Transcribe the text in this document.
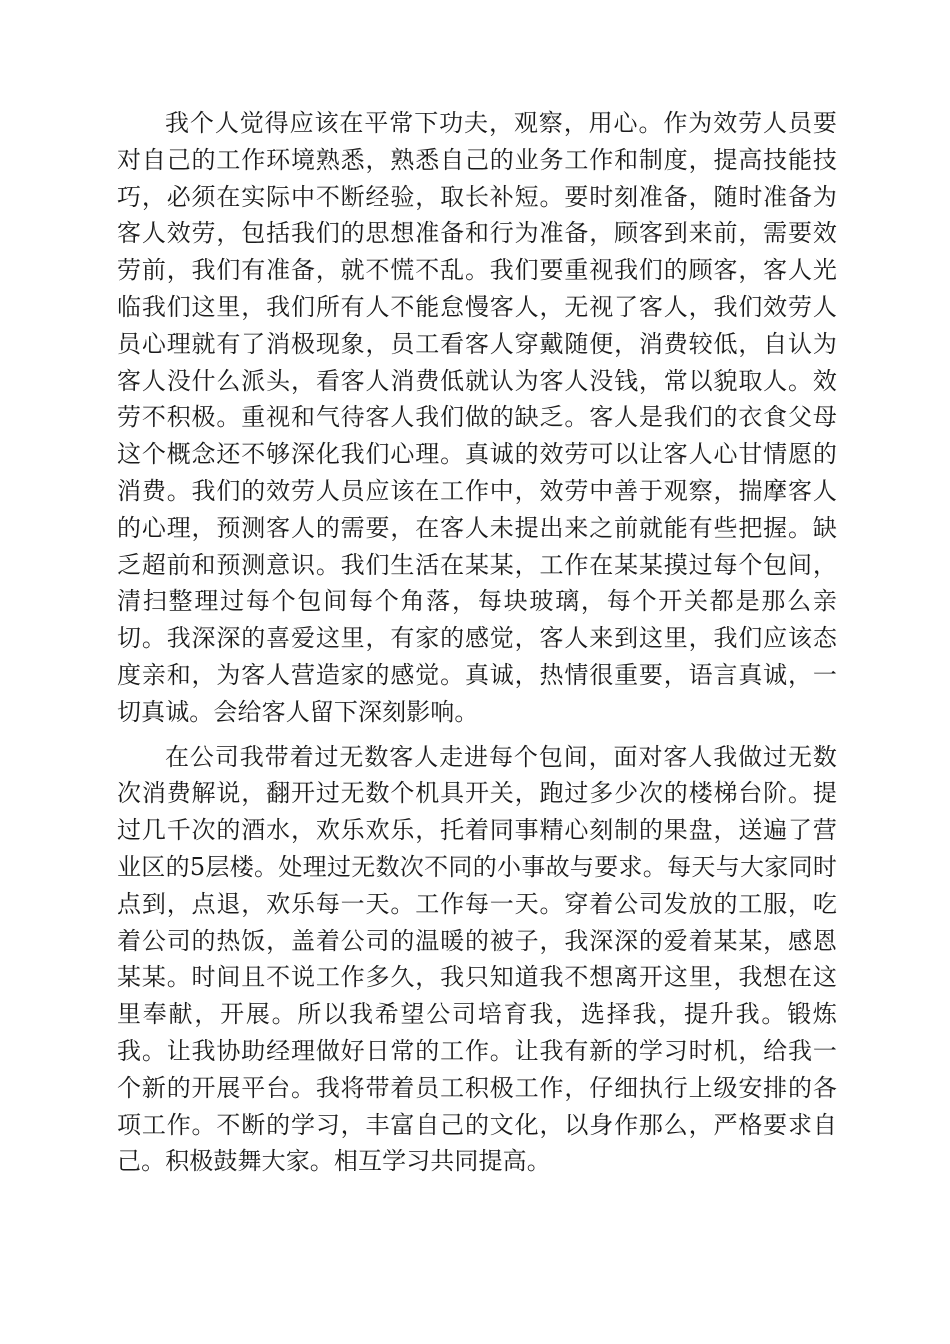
我个人觉得应该在平常下功夫，观察，用心。作为效劳人员要对自己的工作环境熟悉，熟悉自己的业务工作和制度，提高技能技巧，必须在实际中不断经验，取长补短。要时刻准备，随时准备为客人效劳，包括我们的思想准备和行为准备，顾客到来前，需要效劳前，我们有准备，就不慌不乱。我们要重视我们的顾客，客人光临我们这里，我们所有人不能怠慢客人，无视了客人，我们效劳人员心理就有了消极现象，员工看客人穿戴随便，消费较低，自认为客人没什么派头，看客人消费低就认为客人没钱，常以貌取人。效劳不积极。重视和气待客人我们做的缺乏。客人是我们的衣食父母这个概念还不够深化我们心理。真诚的效劳可以让客人心甘情愿的消费。我们的效劳人员应该在工作中，效劳中善于观察，揣摩客人的心理，预测客人的需要，在客人未提出来之前就能有些把握。缺乏超前和预测意识。我们生活在某某，工作在某某摸过每个包间，清扫整理过每个包间每个角落，每块玻璃，每个开关都是那么亲切。我深深的喜爱这里，有家的感觉，客人来到这里，我们应该态度亲和，为客人营造家的感觉。真诚，热情很重要，语言真诚，一切真诚。会给客人留下深刻影响。

在公司我带着过无数客人走进每个包间，面对客人我做过无数次消费解说，翻开过无数个机具开关，跑过多少次的楼梯台阶。提过几千次的酒水，欢乐欢乐，托着同事精心刻制的果盘，送遍了营业区的5层楼。处理过无数次不同的小事故与要求。每天与大家同时点到，点退，欢乐每一天。工作每一天。穿着公司发放的工服，吃着公司的热饭，盖着公司的温暖的被子，我深深的爱着某某，感恩某某。时间且不说工作多久，我只知道我不想离开这里，我想在这里奉献，开展。所以我希望公司培育我，选择我，提升我。锻炼我。让我协助经理做好日常的工作。让我有新的学习时机，给我一个新的开展平台。我将带着员工积极工作，仔细执行上级安排的各项工作。不断的学习，丰富自己的文化，以身作那么，严格要求自己。积极鼓舞大家。相互学习共同提高。
